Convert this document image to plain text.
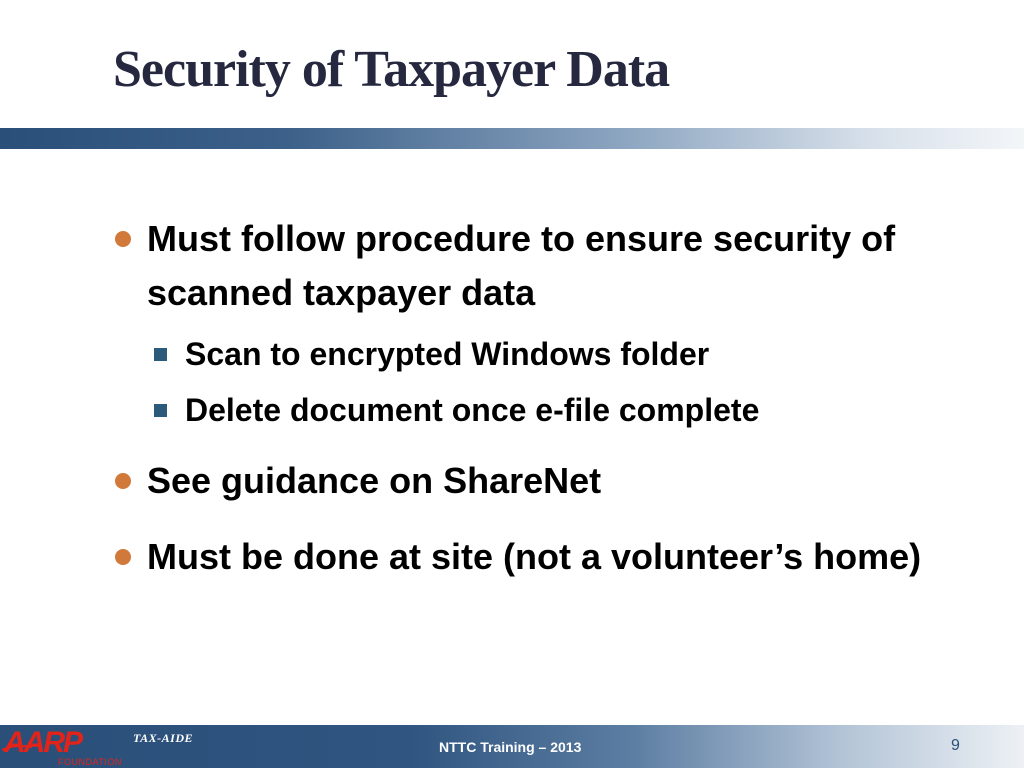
Security of Taxpayer Data
Must follow procedure to ensure security of scanned taxpayer data
Scan to encrypted Windows folder
Delete document once e-file complete
See guidance on ShareNet
Must be done at site (not a volunteer’s home)
AARP
FOUNDATION
TAX-AIDE
NTTC Training – 2013	9
